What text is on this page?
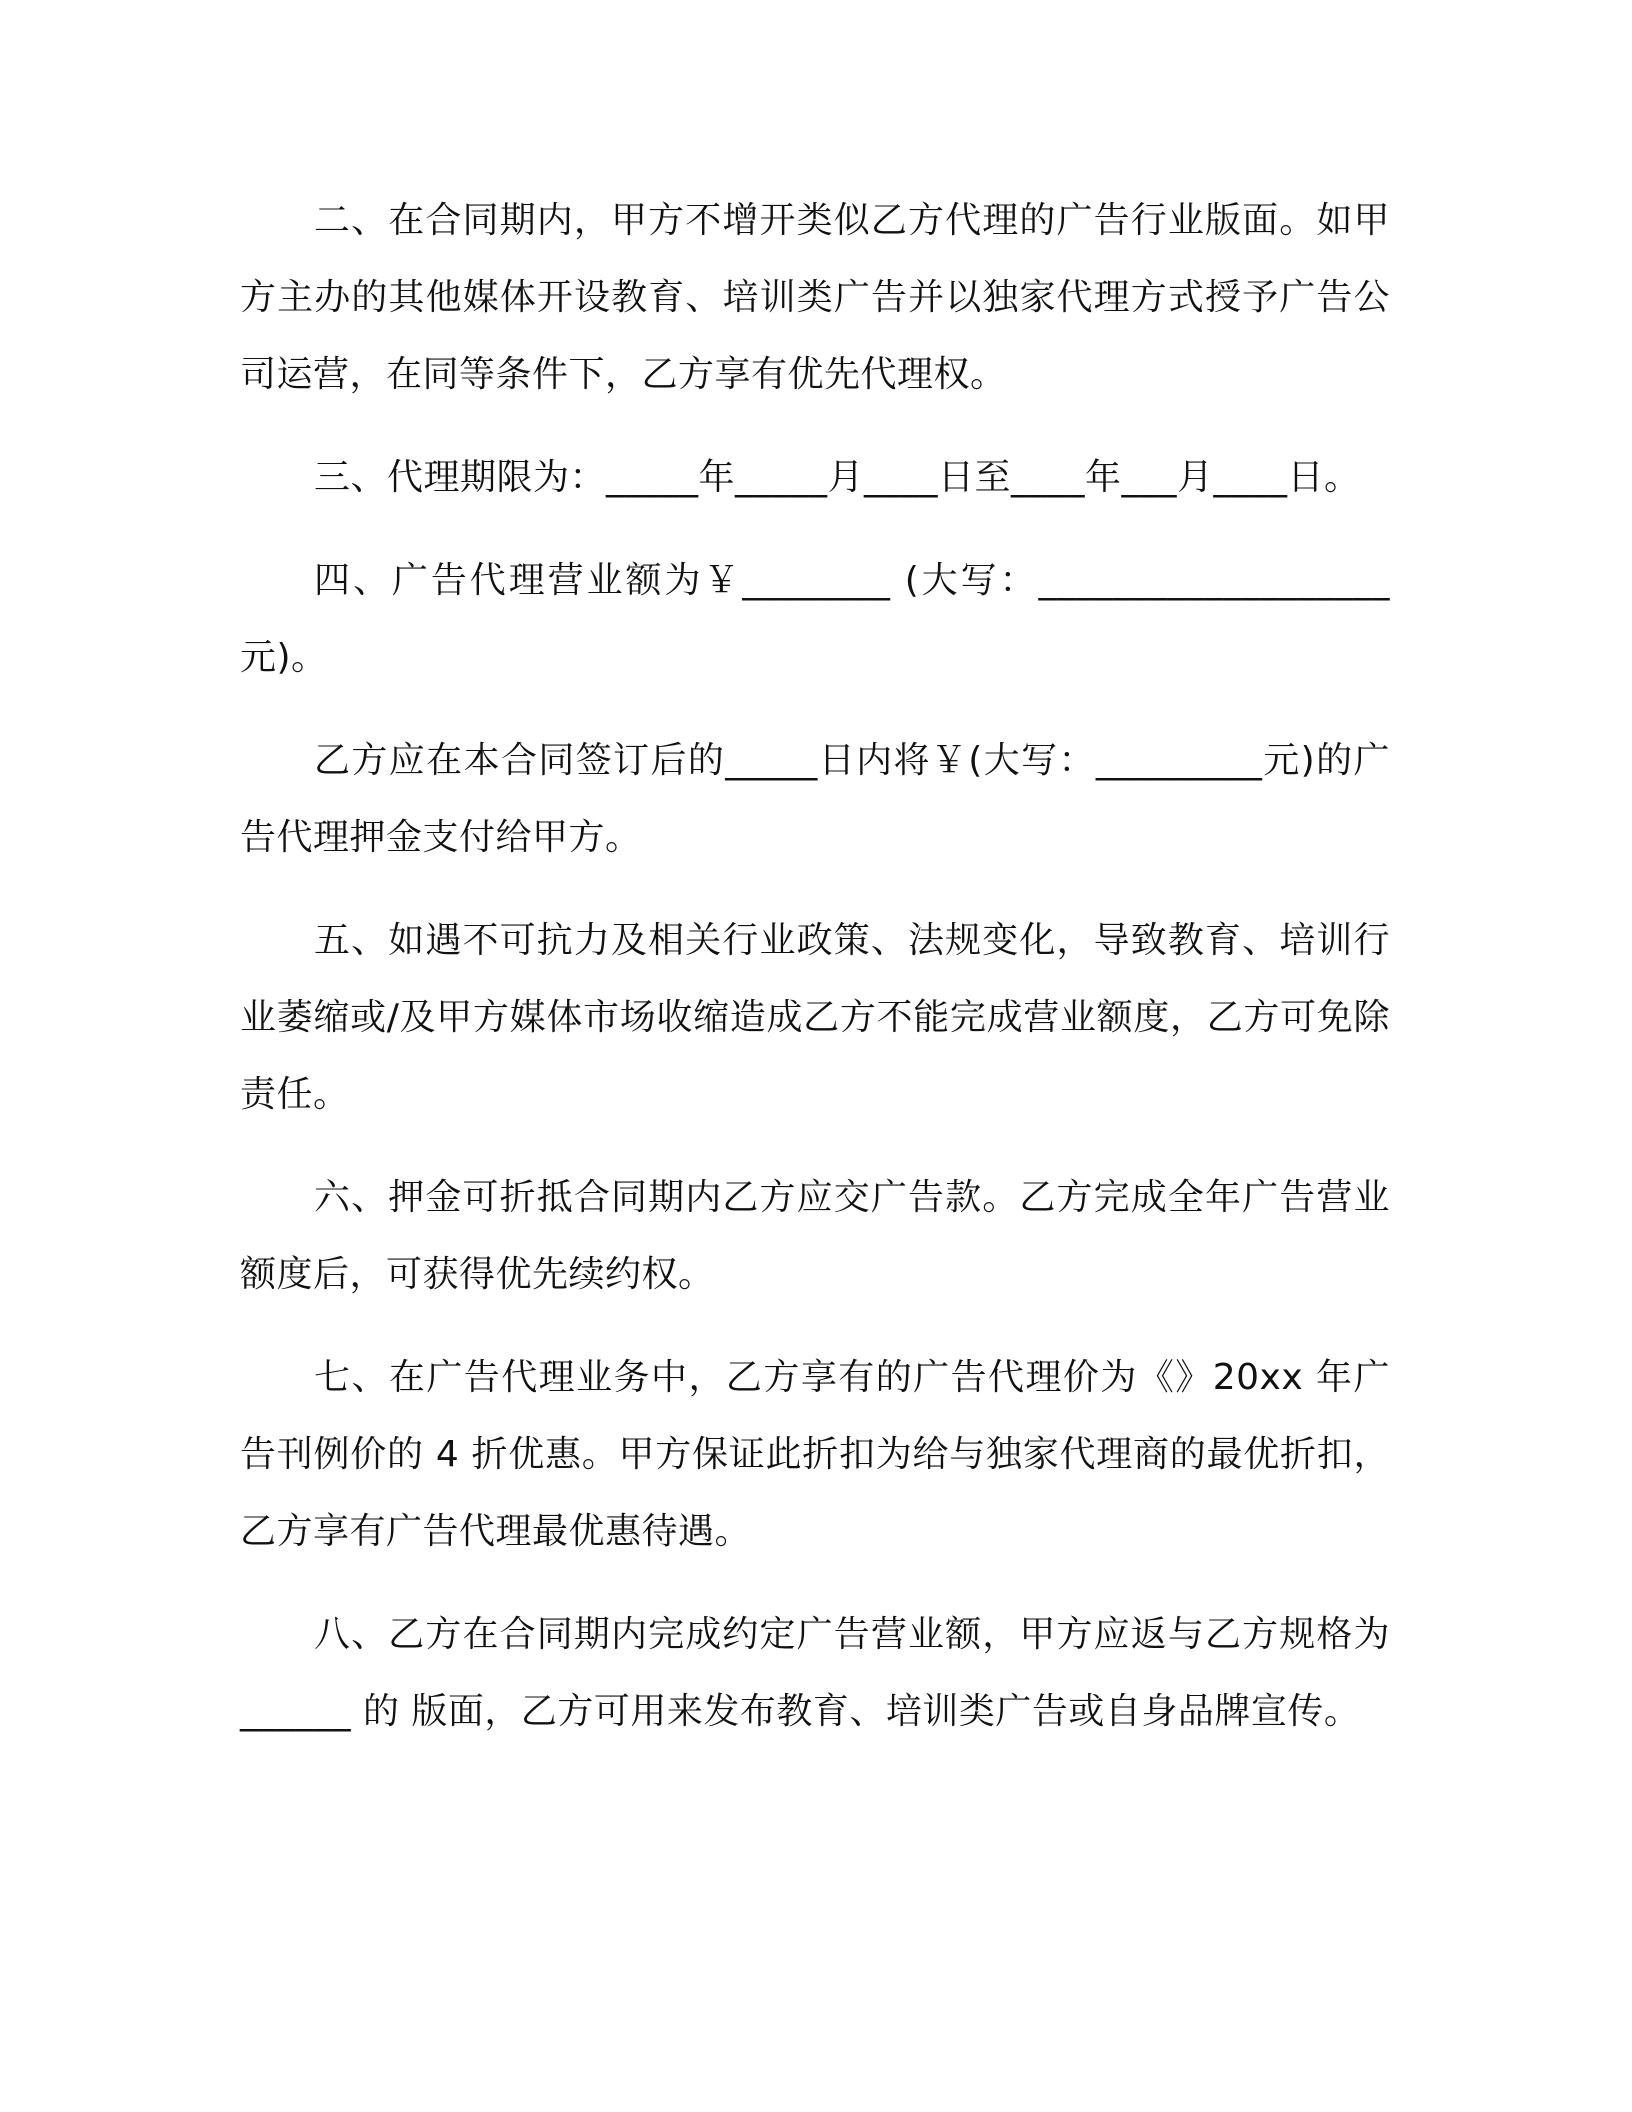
二、在合同期内，甲方不增开类似乙方代理的广告行业版面。如甲方主办的其他媒体开设教育、培训类广告并以独家代理方式授予广告公司运营，在同等条件下，乙方享有优先代理权。

三、代理期限为：_____年_____月____日至____年___月____日。

四、广告代理营业额为￥________ (大写：___________________元)。

乙方应在本合同签订后的_____日内将￥(大写：_________元)的广告代理押金支付给甲方。

五、如遇不可抗力及相关行业政策、法规变化，导致教育、培训行业萎缩或/及甲方媒体市场收缩造成乙方不能完成营业额度，乙方可免除责任。

六、押金可折抵合同期内乙方应交广告款。乙方完成全年广告营业额度后，可获得优先续约权。

七、在广告代理业务中，乙方享有的广告代理价为《》20xx 年广告刊例价的 4 折优惠。甲方保证此折扣为给与独家代理商的最优折扣，乙方享有广告代理最优惠待遇。

八、乙方在合同期内完成约定广告营业额，甲方应返与乙方规格为______ 的 版面，乙方可用来发布教育、培训类广告或自身品牌宣传。
